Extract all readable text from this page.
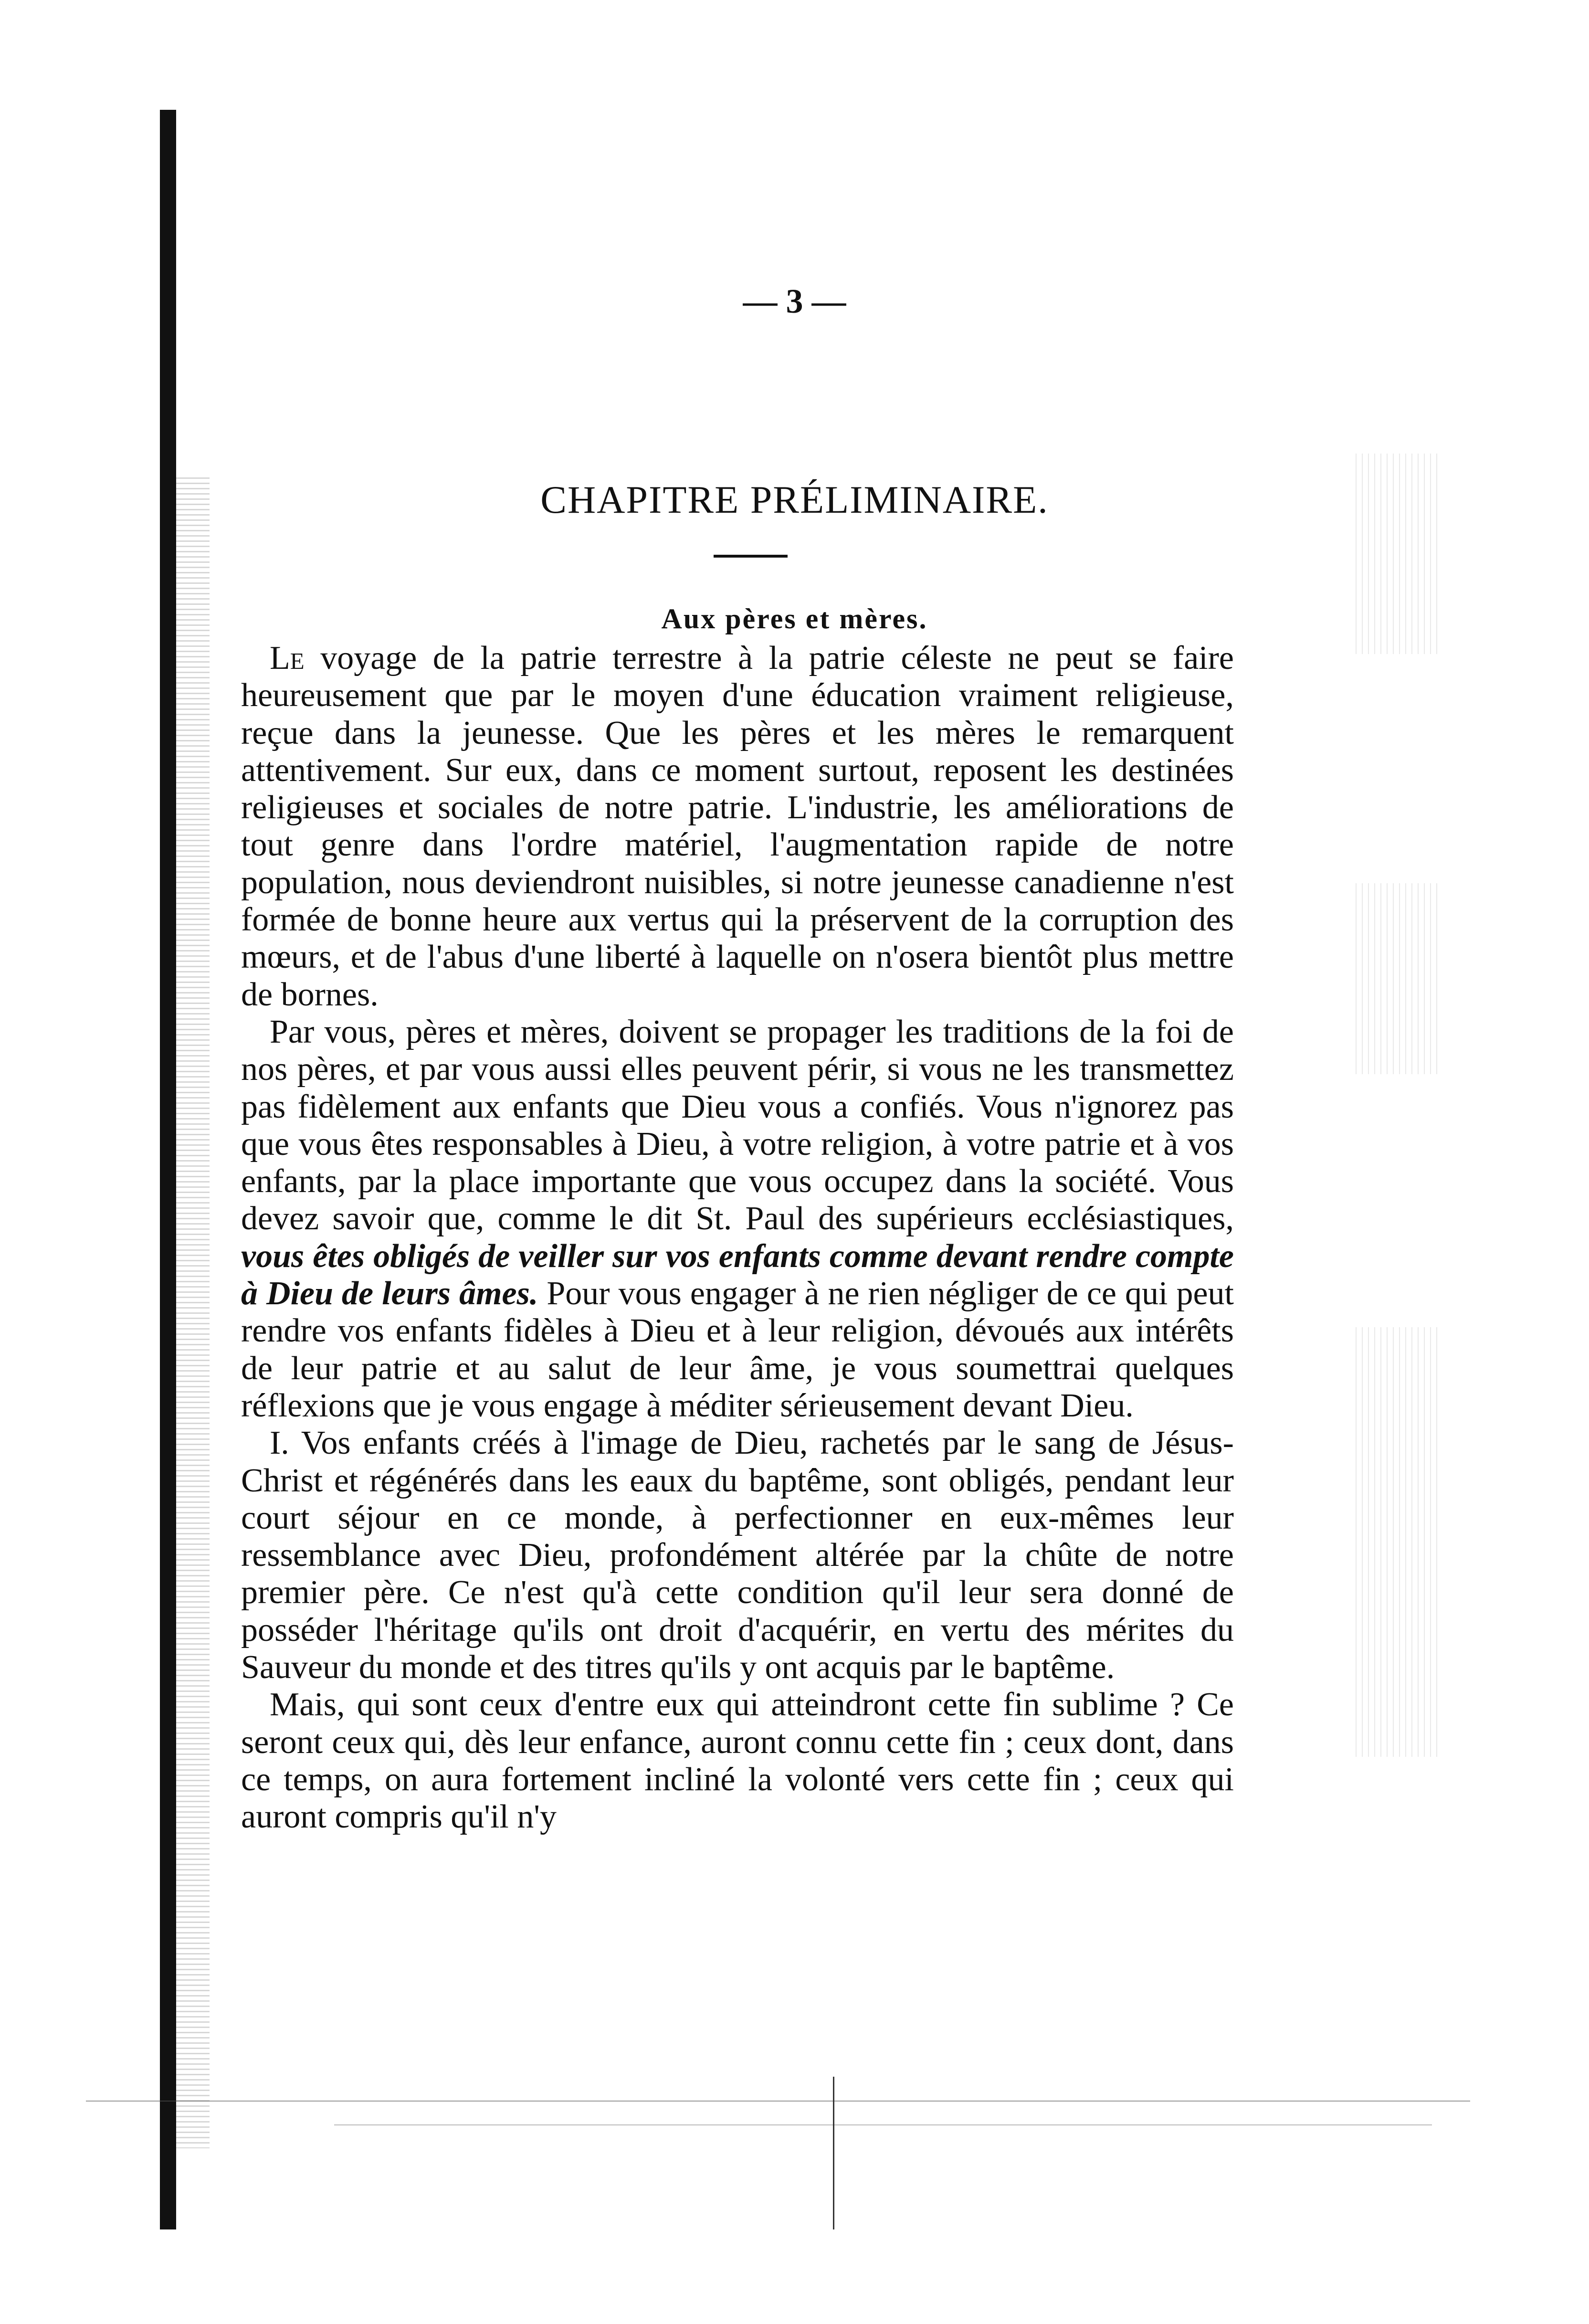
— 3 —
CHAPITRE PRÉLIMINAIRE.
Aux pères et mères.

Le voyage de la patrie terrestre à la patrie céleste ne peut se faire heureusement que par le moyen d'une éducation vraiment religieuse, reçue dans la jeunesse. Que les pères et les mères le remarquent attentivement. Sur eux, dans ce moment surtout, reposent les destinées religieuses et sociales de notre patrie. L'industrie, les améliorations de tout genre dans l'ordre matériel, l'augmentation rapide de notre population, nous deviendront nuisibles, si notre jeunesse canadienne n'est formée de bonne heure aux vertus qui la préservent de la corruption des mœurs, et de l'abus d'une liberté à laquelle on n'osera bientôt plus mettre de bornes.

Par vous, pères et mères, doivent se propager les traditions de la foi de nos pères, et par vous aussi elles peuvent périr, si vous ne les transmettez pas fidèlement aux enfants que Dieu vous a confiés. Vous n'ignorez pas que vous êtes responsables à Dieu, à votre religion, à votre patrie et à vos enfants, par la place importante que vous occupez dans la société. Vous devez savoir que, comme le dit St. Paul des supérieurs ecclésiastiques, vous êtes obligés de veiller sur vos enfants comme devant rendre compte à Dieu de leurs âmes. Pour vous engager à ne rien négliger de ce qui peut rendre vos enfants fidèles à Dieu et à leur religion, dévoués aux intérêts de leur patrie et au salut de leur âme, je vous soumettrai quelques réflexions que je vous engage à méditer sérieusement devant Dieu.

I. Vos enfants créés à l'image de Dieu, rachetés par le sang de Jésus-Christ et régénérés dans les eaux du baptême, sont obligés, pendant leur court séjour en ce monde, à perfectionner en eux-mêmes leur ressemblance avec Dieu, profondément altérée par la chûte de notre premier père. Ce n'est qu'à cette condition qu'il leur sera donné de posséder l'héritage qu'ils ont droit d'acquérir, en vertu des mérites du Sauveur du monde et des titres qu'ils y ont acquis par le baptême.

Mais, qui sont ceux d'entre eux qui atteindront cette fin sublime ? Ce seront ceux qui, dès leur enfance, auront connu cette fin ; ceux dont, dans ce temps, on aura fortement incliné la volonté vers cette fin ; ceux qui auront compris qu'il n'y
